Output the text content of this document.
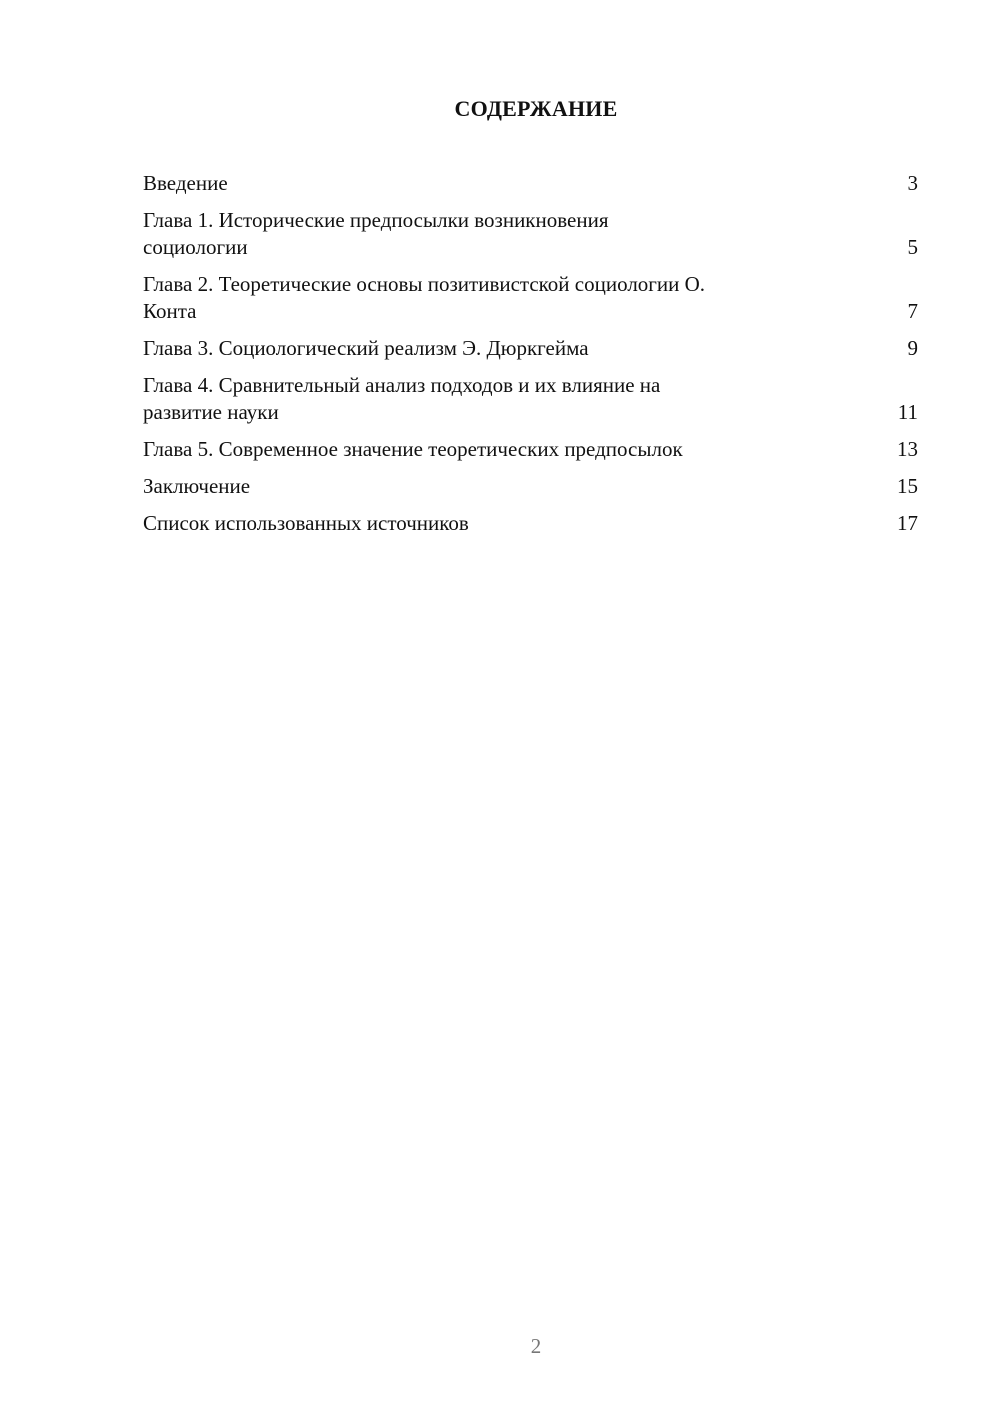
СОДЕРЖАНИЕ
Введение	3
Глава 1. Исторические предпосылки возникновения
социологии	5
Глава 2. Теоретические основы позитивистской социологии О.
Конта	7
Глава 3. Социологический реализм Э. Дюркгейма	9
Глава 4. Сравнительный анализ подходов и их влияние на
развитие науки	11
Глава 5. Современное значение теоретических предпосылок	13
Заключение	15
Список использованных источников	17
2
